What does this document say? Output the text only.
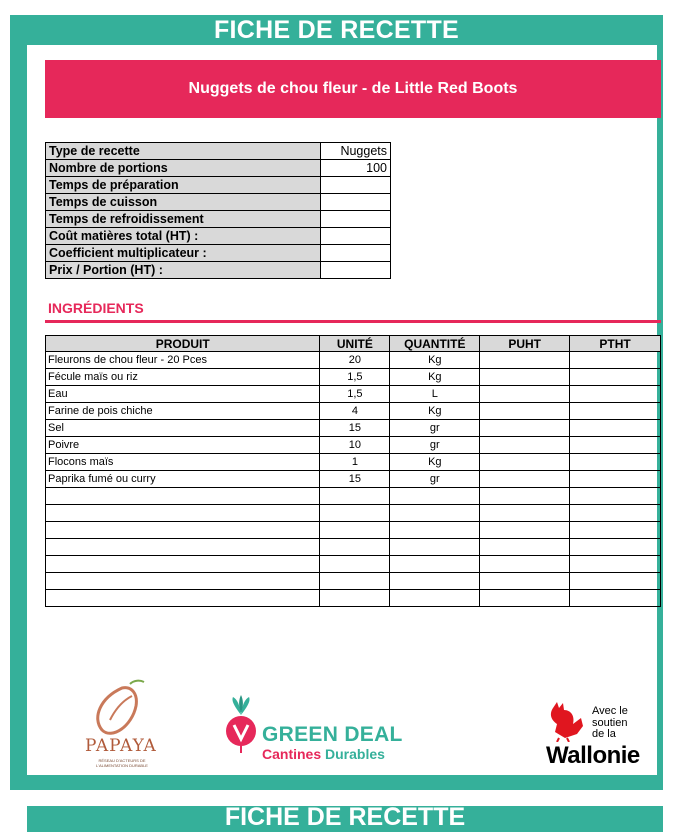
FICHE DE RECETTE
Nuggets de chou fleur - de Little Red Boots
Type de recette	Nuggets
Nombre de portions	100
Temps de préparation	
Temps de cuisson	
Temps de refroidissement	
Coût matières total (HT) :	
Coefficient multiplicateur :	
Prix / Portion (HT) :	
INGRÉDIENTS
PRODUIT	UNITÉ	QUANTITÉ	PUHT	PTHT
Fleurons de chou fleur - 20 Pces	20	Kg		
Fécule maïs ou riz	1,5	Kg		
Eau	1,5	L		
Farine de pois chiche	4	Kg		
Sel	15	gr		
Poivre	10	gr		
Flocons maïs	1	Kg		
Paprika fumé ou curry	15	gr		

PAPAYA
RÉSEAU D'ACTEURS DE L'ALIMENTATION DURABLE
GREEN DEAL
Cantines Durables
Avec le
soutien
de la
Wallonie
FICHE DE RECETTE
